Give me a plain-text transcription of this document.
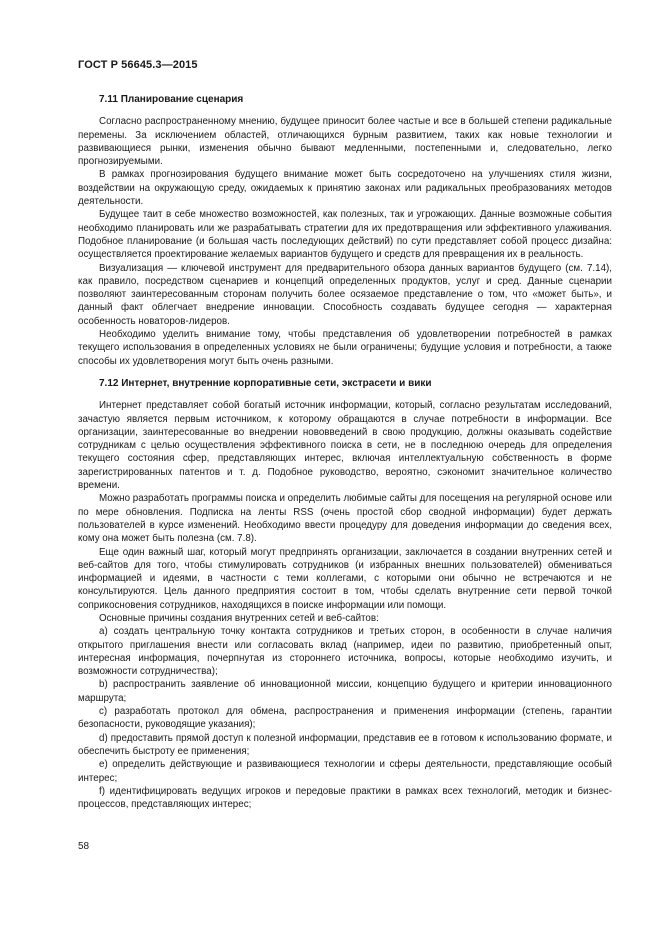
ГОСТ Р 56645.3—2015
7.11 Планирование сценария

Согласно распространенному мнению, будущее приносит более частые и все в большей степени радикальные перемены. За исключением областей, отличающихся бурным развитием, таких как новые технологии и развивающиеся рынки, изменения обычно бывают медленными, постепенными и, следовательно, легко прогнозируемыми.

В рамках прогнозирования будущего внимание может быть сосредоточено на улучшениях стиля жизни, воздействии на окружающую среду, ожидаемых к принятию законах или радикальных преобразованиях методов деятельности.

Будущее таит в себе множество возможностей, как полезных, так и угрожающих. Данные возможные события необходимо планировать или же разрабатывать стратегии для их предотвращения или эффективного улаживания. Подобное планирование (и большая часть последующих действий) по сути представляет собой процесс дизайна: осуществляется проектирование желаемых вариантов будущего и средств для превращения их в реальность.

Визуализация — ключевой инструмент для предварительного обзора данных вариантов будущего (см. 7.14), как правило, посредством сценариев и концепций определенных продуктов, услуг и сред. Данные сценарии позволяют заинтересованным сторонам получить более осязаемое представление о том, что «может быть», и данный факт облегчает внедрение инновации. Способность создавать будущее сегодня — характерная особенность новаторов-лидеров.

Необходимо уделить внимание тому, чтобы представления об удовлетворении потребностей в рамках текущего использования в определенных условиях не были ограничены; будущие условия и потребности, а также способы их удовлетворения могут быть очень разными.

7.12 Интернет, внутренние корпоративные сети, экстрасети и вики

Интернет представляет собой богатый источник информации, который, согласно результатам исследований, зачастую является первым источником, к которому обращаются в случае потребности в информации. Все организации, заинтересованные во внедрении нововведений в свою продукцию, должны оказывать содействие сотрудникам с целью осуществления эффективного поиска в сети, не в последнюю очередь для определения текущего состояния сфер, представляющих интерес, включая интеллектуальную собственность в форме зарегистрированных патентов и т. д. Подобное руководство, вероятно, сэкономит значительное количество времени.

Можно разработать программы поиска и определить любимые сайты для посещения на регулярной основе или по мере обновления. Подписка на ленты RSS (очень простой сбор сводной информации) будет держать пользователей в курсе изменений. Необходимо ввести процедуру для доведения информации до сведения всех, кому она может быть полезна (см. 7.8).

Еще один важный шаг, который могут предпринять организации, заключается в создании внутренних сетей и веб-сайтов для того, чтобы стимулировать сотрудников (и избранных внешних пользователей) обмениваться информацией и идеями, в частности с теми коллегами, с которыми они обычно не встречаются и не консультируются. Цель данного предприятия состоит в том, чтобы сделать внутренние сети первой точкой соприкосновения сотрудников, находящихся в поиске информации или помощи.

Основные причины создания внутренних сетей и веб-сайтов:

a) создать центральную точку контакта сотрудников и третьих сторон, в особенности в случае наличия открытого приглашения внести или согласовать вклад (например, идеи по развитию, приобретенный опыт, интересная информация, почерпнутая из стороннего источника, вопросы, которые необходимо изучить, и возможности сотрудничества);

b) распространить заявление об инновационной миссии, концепцию будущего и критерии инновационного маршрута;

c) разработать протокол для обмена, распространения и применения информации (степень, гарантии безопасности, руководящие указания);

d) предоставить прямой доступ к полезной информации, представив ее в готовом к использованию формате, и обеспечить быстроту ее применения;

e) определить действующие и развивающиеся технологии и сферы деятельности, представляющие особый интерес;

f) идентифицировать ведущих игроков и передовые практики в рамках всех технологий, методик и бизнес-процессов, представляющих интерес;

58
